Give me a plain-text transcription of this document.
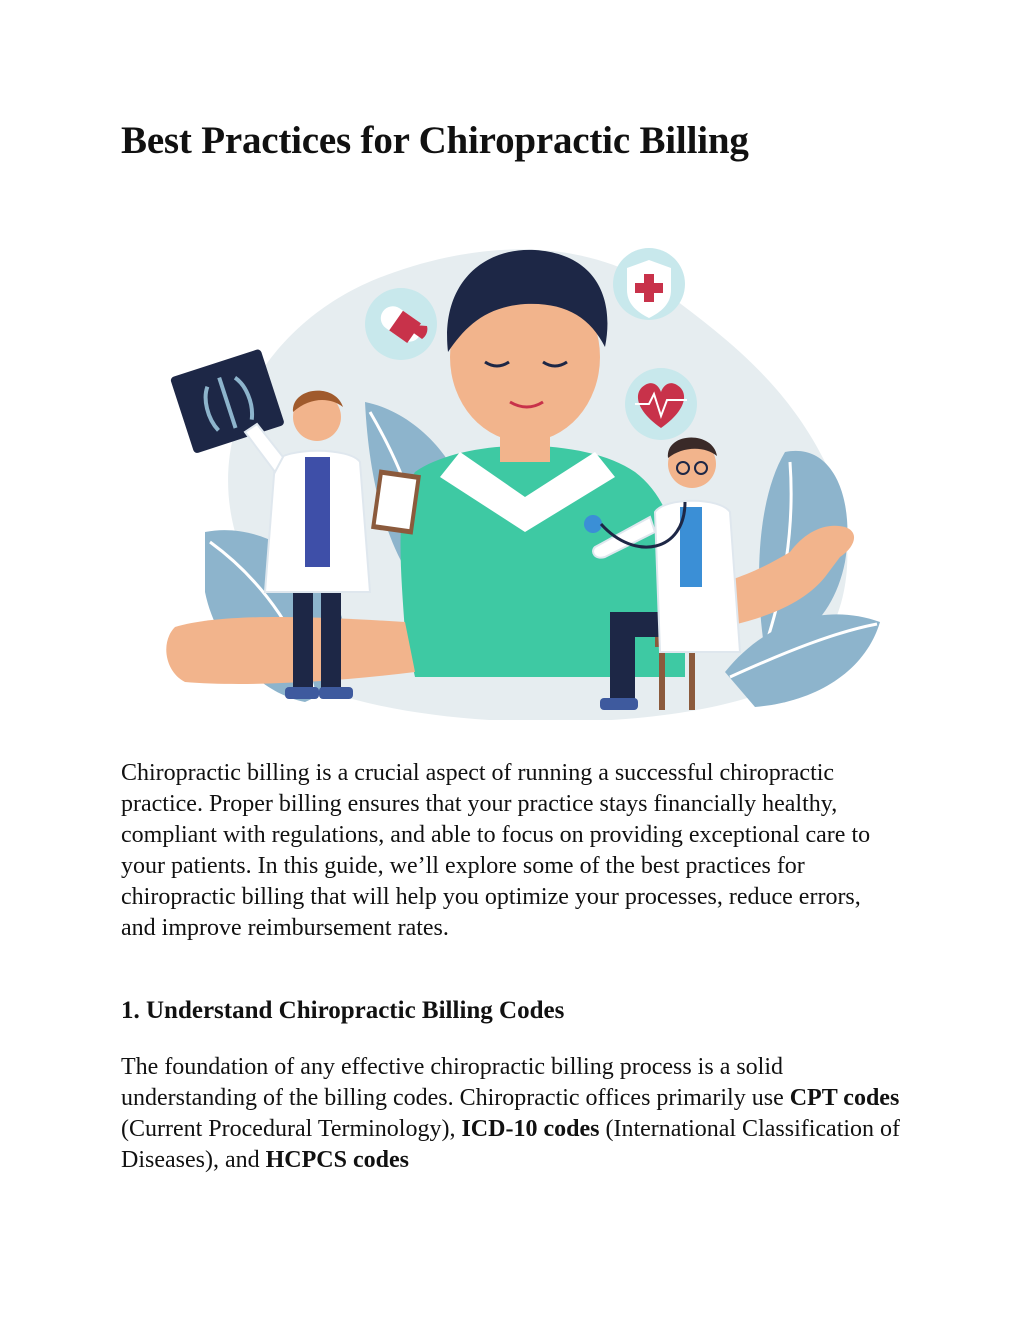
Best Practices for Chiropractic Billing

Chiropractic billing is a crucial aspect of running a successful chiropractic practice. Proper billing ensures that your practice stays financially healthy, compliant with regulations, and able to focus on providing exceptional care to your patients. In this guide, we’ll explore some of the best practices for chiropractic billing that will help you optimize your processes, reduce errors, and improve reimbursement rates.

1. Understand Chiropractic Billing Codes

The foundation of any effective chiropractic billing process is a solid understanding of the billing codes. Chiropractic offices primarily use CPT codes (Current Procedural Terminology), ICD-10 codes (International Classification of Diseases), and HCPCS codes
